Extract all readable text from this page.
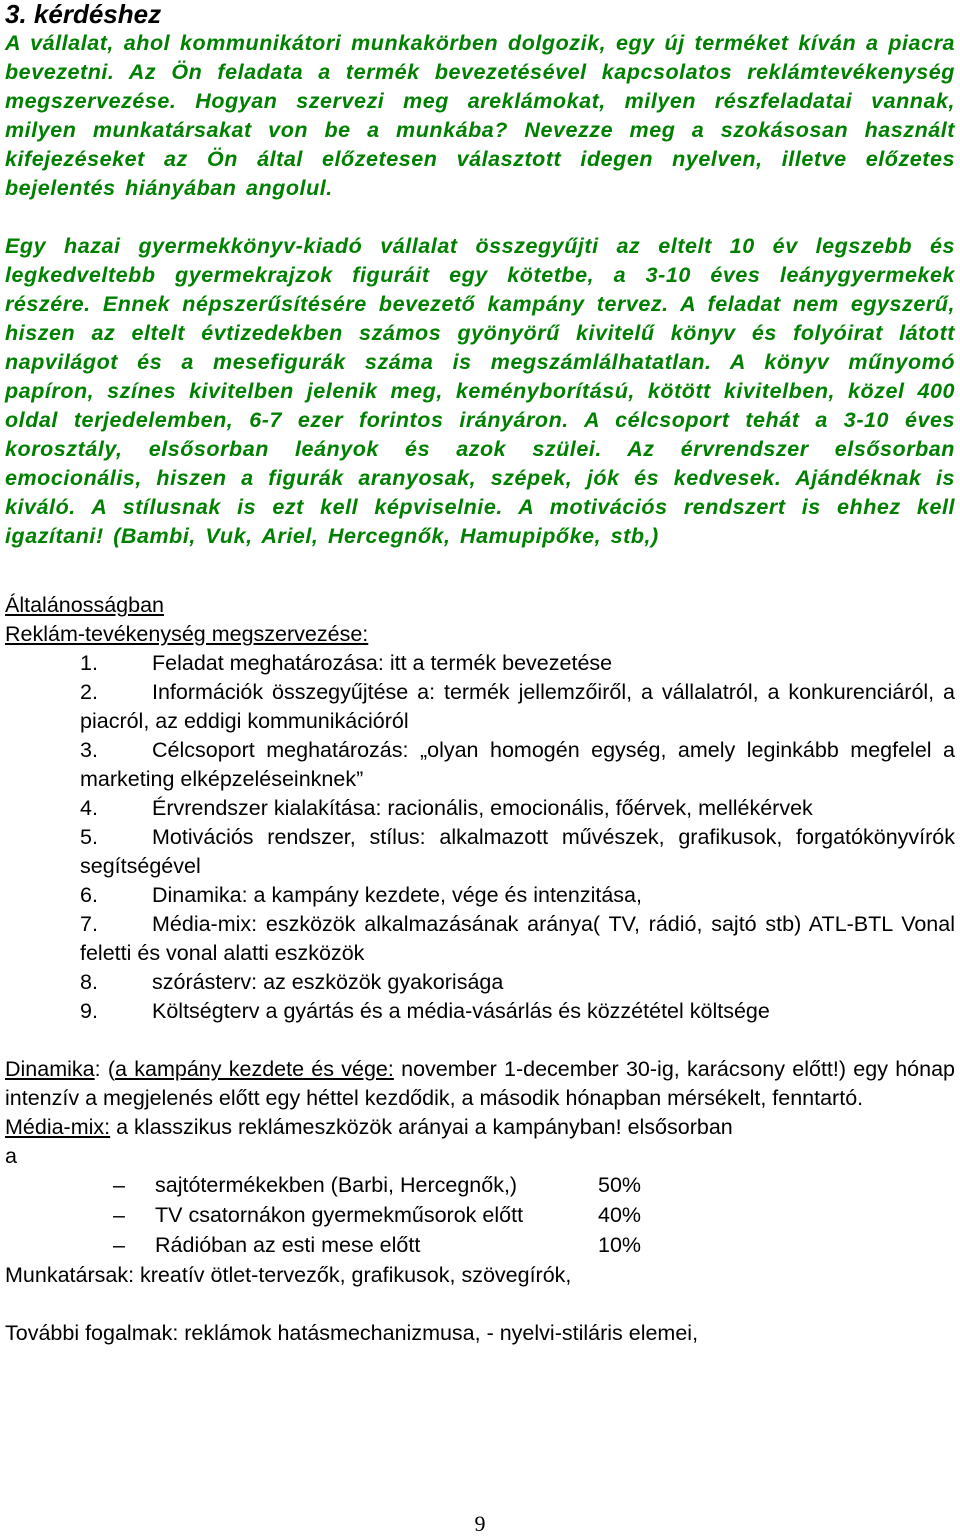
3. kérdéshez

A vállalat, ahol kommunikátori munkakörben dolgozik, egy új terméket kíván a piacra bevezetni. Az Ön feladata a termék bevezetésével kapcsolatos reklámtevékenység megszervezése. Hogyan szervezi meg areklámokat, milyen részfeladatai vannak, milyen munkatársakat von be a munkába? Nevezze meg a szokásosan használt kifejezéseket az Ön által előzetesen választott idegen nyelven, illetve előzetes bejelentés hiányában angolul.

Egy hazai gyermekkönyv-kiadó vállalat összegyűjti az eltelt 10 év legszebb és legkedveltebb gyermekrajzok figuráit egy kötetbe, a 3-10 éves leánygyermekek részére. Ennek népszerűsítésére bevezető kampány tervez. A feladat nem egyszerű, hiszen az eltelt évtizedekben számos gyönyörű kivitelű könyv és folyóirat látott napvilágot és a mesefigurák száma is megszámlálhatatlan. A könyv műnyomó papíron, színes kivitelben jelenik meg, keményborítású, kötött kivitelben, közel 400 oldal terjedelemben, 6-7 ezer forintos irányáron. A célcsoport tehát a 3-10 éves korosztály, elsősorban leányok és azok szülei. Az érvrendszer elsősorban emocionális, hiszen a figurák aranyosak, szépek, jók és kedvesek. Ajándéknak is kiváló. A stílusnak is ezt kell képviselnie. A motivációs rendszert is ehhez kell igazítani! (Bambi, Vuk, Ariel, Hercegnők, Hamupipőke, stb,)

Általánosságban
Reklám-tevékenység megszervezése:
1.	Feladat meghatározása: itt a termék bevezetése
2.	Információk összegyűjtése a: termék jellemzőiről, a vállalatról, a konkurenciáról, a piacról, az eddigi kommunikációról
3.	Célcsoport meghatározás: „olyan homogén egység, amely leginkább megfelel a marketing elképzeléseinknek”
4.	Érvrendszer kialakítása: racionális, emocionális, főérvek, mellékérvek
5.	Motivációs rendszer, stílus: alkalmazott művészek, grafikusok, forgatókönyvírók segítségével
6.	Dinamika: a kampány kezdete, vége és intenzitása,
7.	Média-mix: eszközök alkalmazásának aránya( TV, rádió, sajtó stb) ATL-BTL Vonal feletti és vonal alatti eszközök
8.	szórásterv: az eszközök gyakorisága
9.	Költségterv a gyártás és a média-vásárlás és közzététel költsége
Dinamika: (a kampány kezdete és vége: november 1-december 30-ig, karácsony előtt!) egy hónap intenzív a megjelenés előtt egy héttel kezdődik, a második hónapban mérsékelt, fenntartó.
Média-mix: a klasszikus reklámeszközök arányai a kampányban! elsősorban
a
– sajtótermékekben (Barbi, Hercegnők,)	50%
– TV csatornákon gyermekműsorok előtt	40%
– Rádióban az esti mese előtt	10%
Munkatársak: kreatív ötlet-tervezők, grafikusok, szövegírók,
További fogalmak: reklámok hatásmechanizmusa, - nyelvi-stiláris elemei,
9
